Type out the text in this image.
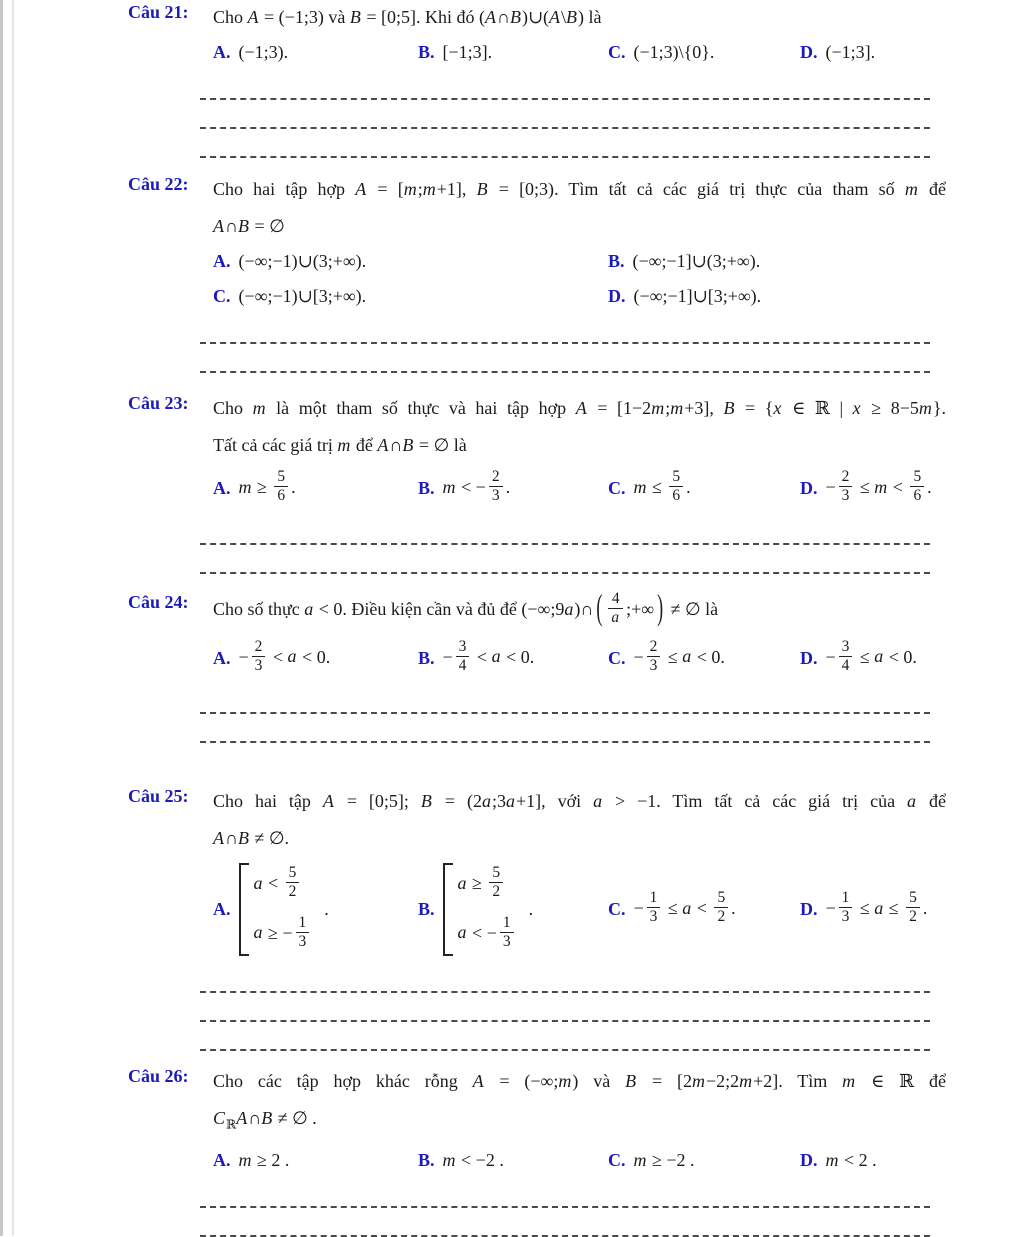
Câu 21:	Cho A = (−1;3) và B = [0;5]. Khi đó (A∩B)∪(A\B) là
A. (−1;3).	B. [−1;3].	C. (−1;3)\{0}.	D. (−1;3].
Câu 22:	Cho hai tập hợp A = [m;m+1], B = [0;3). Tìm tất cả các giá trị thực của tham số m để
A∩B = ∅
A. (−∞;−1)∪(3;+∞).	B. (−∞;−1]∪(3;+∞).
C. (−∞;−1)∪[3;+∞).	D. (−∞;−1]∪[3;+∞).
Câu 23:	Cho m là một tham số thực và hai tập hợp A = [1−2m;m+3], B = {x ∈ ℝ | x ≥ 8−5m}.
Tất cả các giá trị m để A∩B = ∅ là
A. $m \ge \frac{5}{6}$ .	B. m < − $\frac{2}{3}$ .	C. $m \le \frac{5}{6}$ .	D. − $\frac{2}{3} \le m < \frac{5}{6}$ .
Câu 24:	Cho số thực a < 0. Điều kiện cần và đủ để (−∞;9a)∩ ( $\frac{4}{a}$ ;+∞ ) ≠ ∅ là
A. − $\frac{2}{3} < a < 0$.	B. − $\frac{3}{4} < a < 0$.	C. − $\frac{2}{3} \le a < 0$.	D. − $\frac{3}{4} \le a < 0$.
Câu 25:	Cho hai tập A = [0;5]; B = (2a;3a+1], với a > −1. Tìm tất cả các giá trị của a để
A∩B ≠ ∅.
A.
$a < \frac{5}{2}$
a ≥ − $\frac{1}{3}$
.	B.
$a \ge \frac{5}{2}$
a < − $\frac{1}{3}$
.	C. − $\frac{1}{3} \le a < \frac{5}{2}$ .	D. − $\frac{1}{3} \le a \le \frac{5}{2}$ .
Câu 26:	Cho các tập hợp khác rỗng A = (−∞;m) và B = [2m−2;2m+2]. Tìm m ∈ ℝ để
$C_ℝA\cap B$ ≠ ∅ .
A. m ≥ 2 .	B. m < −2 .	C. m ≥ −2 .	D. m < 2 .
